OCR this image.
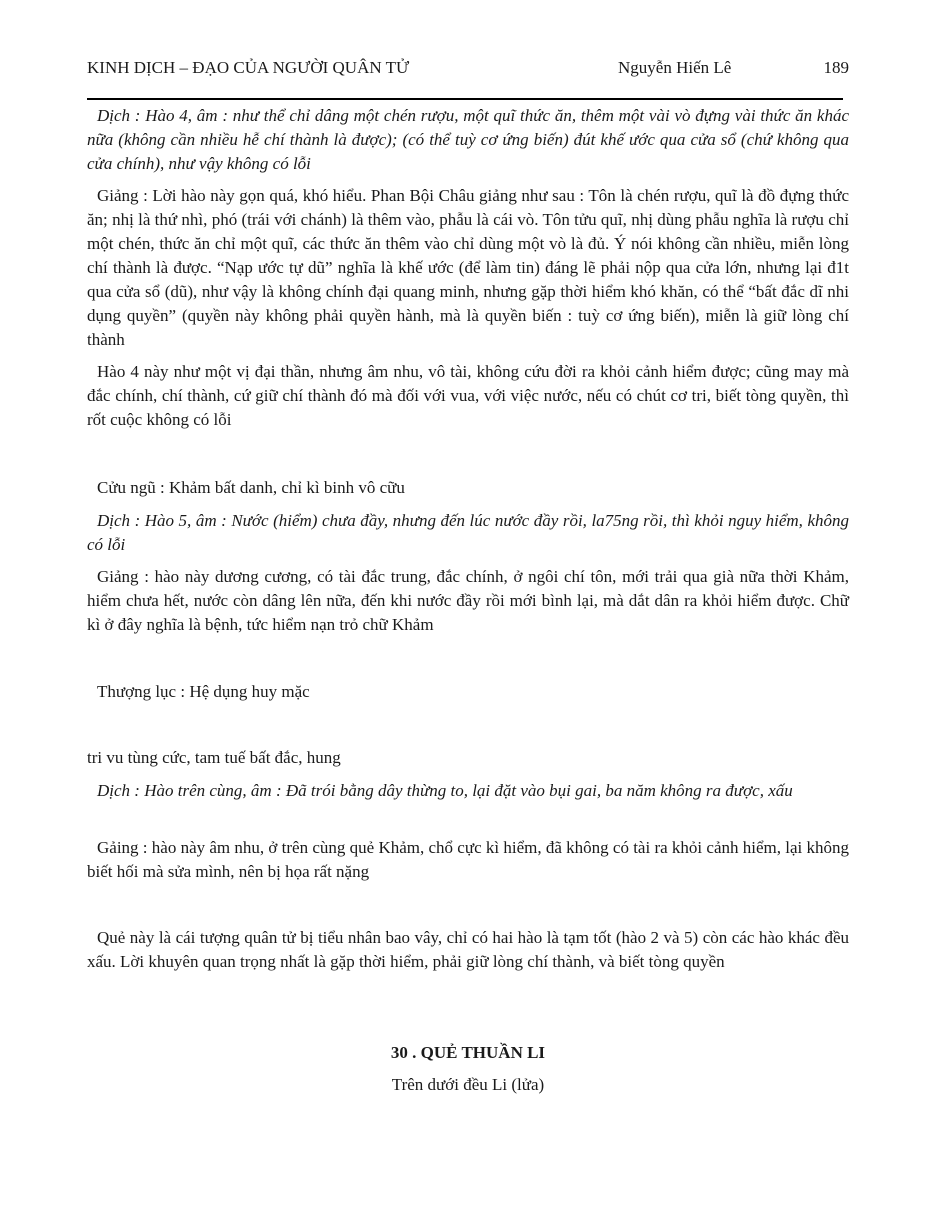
KINH DỊCH – ĐẠO CỦA NGƯỜI QUÂN TỬ	Nguyễn Hiến Lê	189

Dịch : Hào 4, âm : như thể chỉ dâng một chén rượu, một quĩ thức ăn, thêm một vài vò đựng vài thức ăn khác nữa (không cần nhiều hễ chí thành là được); (có thể tuỳ cơ ứng biến) đút khế ước qua cửa sổ (chứ không qua cửa chính), như vậy không có lỗi

Giảng : Lời hào này gọn quá, khó hiểu. Phan Bội Châu giảng như sau : Tôn là chén rượu, quĩ là đồ đựng thức ăn; nhị là thứ nhì, phó (trái với chánh) là thêm vào, phẫu là cái vò. Tôn tửu quĩ, nhị dùng phẫu nghĩa là rượu chỉ một chén, thức ăn chỉ một quĩ, các thức ăn thêm vào chỉ dùng một vò là đủ. Ý nói không cần nhiều, miễn lòng chí thành là được. “Nạp ước tự dũ” nghĩa là khế ước (để làm tin) đáng lẽ phải nộp qua cửa lớn, nhưng lại đ1t qua cửa sổ (dũ), như vậy là không chính đại quang minh, nhưng gặp thời hiểm khó khăn, có thể “bất đắc dĩ nhi dụng quyền” (quyền này không phải quyền hành, mà là quyền biến : tuỳ cơ ứng biến), miễn là giữ lòng chí thành

Hào 4 này như một vị đại thần, nhưng âm nhu, vô tài, không cứu đời ra khỏi cảnh hiểm được; cũng may mà đắc chính, chí thành, cứ giữ chí thành đó mà đối với vua, với việc nước, nếu có chút cơ tri, biết tòng quyền, thì rốt cuộc không có lỗi

Cửu ngũ : Khảm bất danh, chỉ kì binh vô cữu

Dịch : Hào 5, âm : Nước (hiểm) chưa đầy, nhưng đến lúc nước đầy rồi, la75ng rồi, thì khỏi nguy hiểm, không có lỗi

Giảng : hào này dương cương, có tài đắc trung, đắc chính, ở ngôi chí tôn, mới trải qua già nữa thời Khảm, hiểm chưa hết, nước còn dâng lên nữa, đến khi nước đầy rồi mới bình lại, mà dắt dân ra khỏi hiểm được. Chữ kì ở đây nghĩa là bệnh, tức hiểm nạn trỏ chữ Khảm

Thượng lục : Hệ dụng huy mặc

tri vu tùng cức, tam tuế bất đắc, hung

Dịch : Hào trên cùng, âm : Đã trói bằng dây thừng to, lại đặt vào bụi gai, ba năm không ra được, xấu

Gảing : hào này âm nhu, ở trên cùng quẻ Khảm, chổ cực kì hiểm, đã không có tài ra khỏi cảnh hiểm, lại không biết hối mà sửa mình, nên bị họa rất nặng

Quẻ này là cái tượng quân tử bị tiểu nhân bao vây, chỉ có hai hào là tạm tốt (hào 2 và 5) còn các hào khác đều xấu. Lời khuyên quan trọng nhất là gặp thời hiểm, phải giữ lòng chí thành, và biết tòng quyền

30 . QUẺ THUẦN LI

Trên dưới đều Li (lửa)
